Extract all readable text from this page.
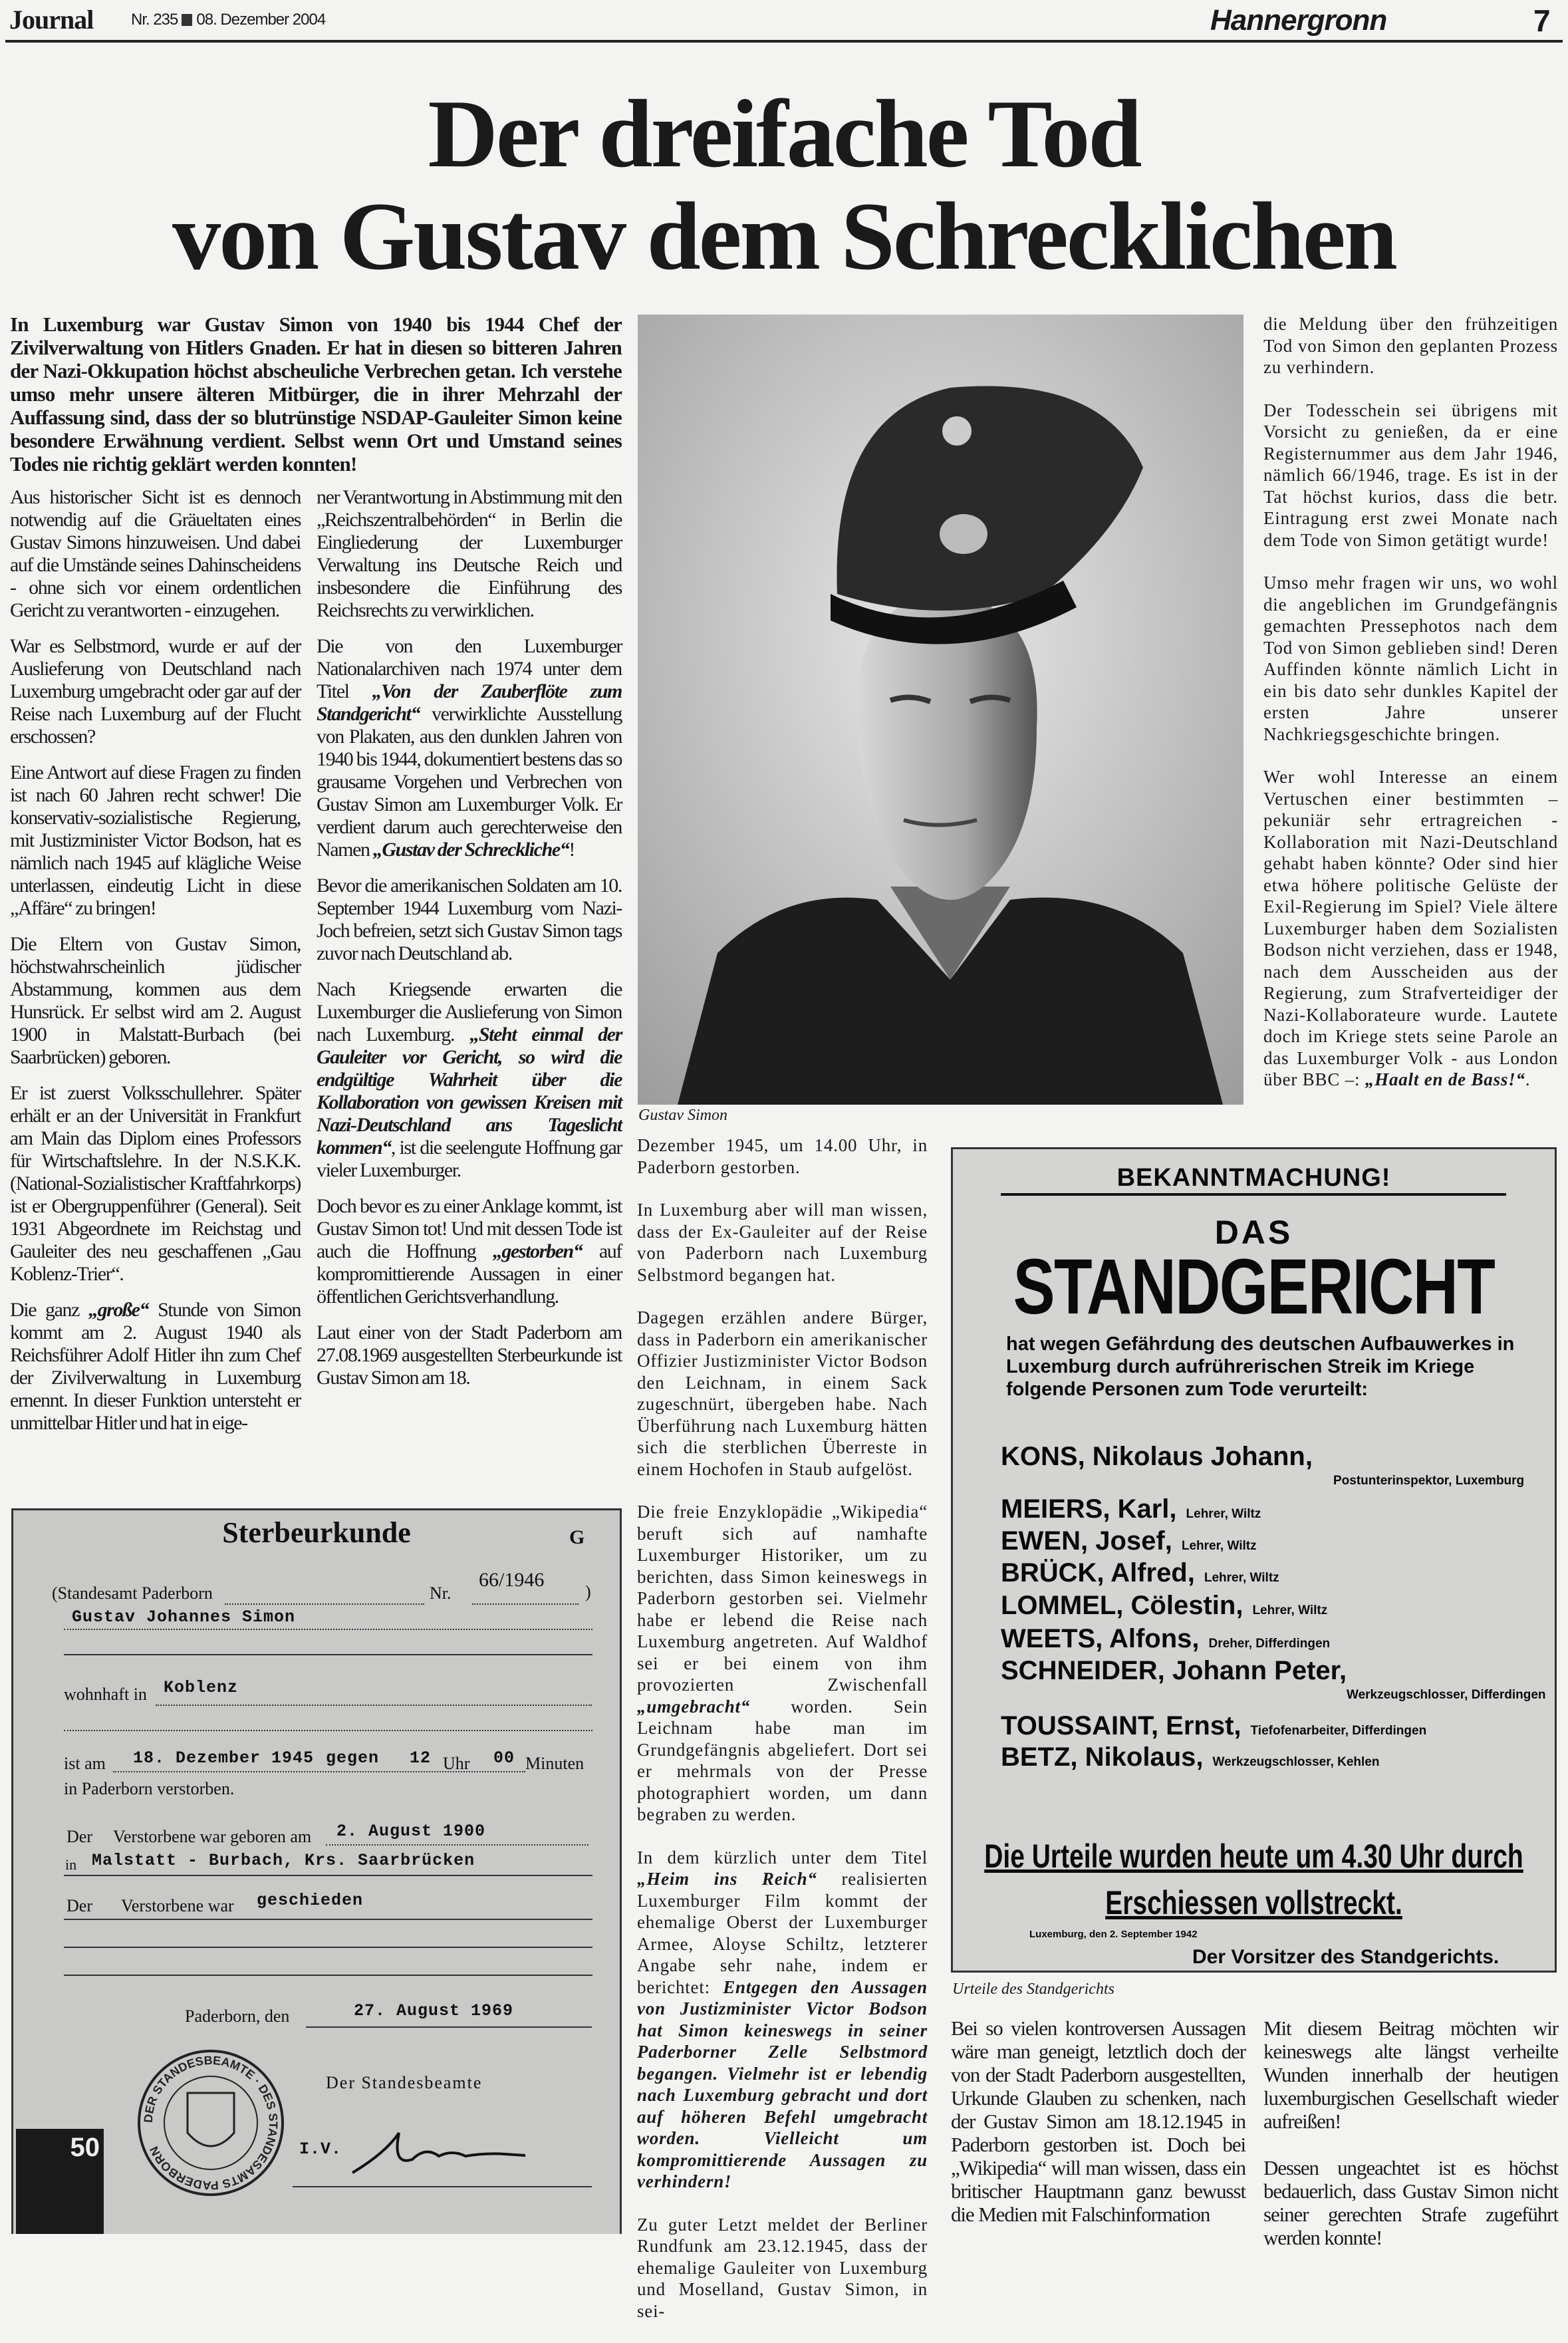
Journal Nr. 235 08. Dezember 2004	Hannergronn	7
Der dreifache Tod
von Gustav dem Schrecklichen
In Luxemburg war Gustav Simon von 1940 bis 1944 Chef der Zivilverwaltung von Hitlers Gnaden. Er hat in diesen so bitteren Jahren der Nazi-Okkupation höchst abscheuliche Verbrechen getan. Ich verstehe umso mehr unsere älteren Mitbürger, die in ihrer Mehrzahl der Auffassung sind, dass der so blutrünstige NSDAP-Gauleiter Simon keine besondere Erwähnung verdient. Selbst wenn Ort und Umstand seines Todes nie richtig geklärt werden konnten!

Aus historischer Sicht ist es dennoch notwendig auf die Gräueltaten eines Gustav Simons hinzuweisen. Und dabei auf die Umstände seines Dahinscheidens - ohne sich vor einem ordentlichen Gericht zu verantworten - einzugehen.

War es Selbstmord, wurde er auf der Auslieferung von Deutschland nach Luxemburg umgebracht oder gar auf der Reise nach Luxemburg auf der Flucht erschossen?

Eine Antwort auf diese Fragen zu finden ist nach 60 Jahren recht schwer! Die konservativ-sozialistische Regierung, mit Justizminister Victor Bodson, hat es nämlich nach 1945 auf klägliche Weise unterlassen, eindeutig Licht in diese „Affäre“ zu bringen!

Die Eltern von Gustav Simon, höchstwahrscheinlich jüdischer Abstammung, kommen aus dem Hunsrück. Er selbst wird am 2. August 1900 in Malstatt-Burbach (bei Saarbrücken) geboren.

Er ist zuerst Volksschullehrer. Später erhält er an der Universität in Frankfurt am Main das Diplom eines Professors für Wirtschaftslehre. In der N.S.K.K. (National-Sozialistischer Kraftfahrkorps) ist er Obergruppenführer (General). Seit 1931 Abgeordnete im Reichstag und Gauleiter des neu geschaffenen „Gau Koblenz-Trier“.

Die ganz „große“ Stunde von Simon kommt am 2. August 1940 als Reichsführer Adolf Hitler ihn zum Chef der Zivilverwaltung in Luxemburg ernennt. In dieser Funktion untersteht er unmittelbar Hitler und hat in eige-

ner Verantwortung in Abstimmung mit den „Reichszentralbehörden“ in Berlin die Eingliederung der Luxemburger Verwaltung ins Deutsche Reich und insbesondere die Einführung des Reichsrechts zu verwirklichen.

Die von den Luxemburger Nationalarchiven nach 1974 unter dem Titel „Von der Zauberflöte zum Standgericht“ verwirklichte Ausstellung von Plakaten, aus den dunklen Jahren von 1940 bis 1944, dokumentiert bestens das so grausame Vorgehen und Verbrechen von Gustav Simon am Luxemburger Volk. Er verdient darum auch gerechterweise den Namen „Gustav der Schreckliche“!

Bevor die amerikanischen Soldaten am 10. September 1944 Luxemburg vom Nazi-Joch befreien, setzt sich Gustav Simon tags zuvor nach Deutschland ab.

Nach Kriegsende erwarten die Luxemburger die Auslieferung von Simon nach Luxemburg. „Steht einmal der Gauleiter vor Gericht, so wird die endgültige Wahrheit über die Kollaboration von gewissen Kreisen mit Nazi-Deutschland ans Tageslicht kommen“, ist die seelengute Hoffnung gar vieler Luxemburger.

Doch bevor es zu einer Anklage kommt, ist Gustav Simon tot! Und mit dessen Tode ist auch die Hoffnung „gestorben“ auf kompromittierende Aussagen in einer öffentlichen Gerichtsverhandlung.

Laut einer von der Stadt Paderborn am 27.08.1969 ausgestellten Sterbeurkunde ist Gustav Simon am 18.

Dezember 1945, um 14.00 Uhr, in Paderborn gestorben.

In Luxemburg aber will man wissen, dass der Ex-Gauleiter auf der Reise von Paderborn nach Luxemburg Selbstmord begangen hat.

Dagegen erzählen andere Bürger, dass in Paderborn ein amerikanischer Offizier Justizminister Victor Bodson den Leichnam, in einem Sack zugeschnürt, übergeben habe. Nach Überführung nach Luxemburg hätten sich die sterblichen Überreste in einem Hochofen in Staub aufgelöst.

Die freie Enzyklopädie „Wikipedia“ beruft sich auf namhafte Luxemburger Historiker, um zu berichten, dass Simon keineswegs in Paderborn gestorben sei. Vielmehr habe er lebend die Reise nach Luxemburg angetreten. Auf Waldhof sei er bei einem von ihm provozierten Zwischenfall „umgebracht“ worden. Sein Leichnam habe man im Grundgefängnis abgeliefert. Dort sei er mehrmals von der Presse photographiert worden, um dann begraben zu werden.

In dem kürzlich unter dem Titel „Heim ins Reich“ realisierten Luxemburger Film kommt der ehemalige Oberst der Luxemburger Armee, Aloyse Schiltz, letzterer Angabe sehr nahe, indem er berichtet: Entgegen den Aussagen von Justizminister Victor Bodson hat Simon keineswegs in seiner Paderborner Zelle Selbstmord begangen. Vielmehr ist er lebendig nach Luxemburg gebracht und dort auf höheren Befehl umgebracht worden. Vielleicht um kompromittierende Aussagen zu verhindern!

Zu guter Letzt meldet der Berliner Rundfunk am 23.12.1945, dass der ehemalige Gauleiter von Luxemburg und Moselland, Gustav Simon, in sei-

die Meldung über den frühzeitigen Tod von Simon den geplanten Prozess zu verhindern.

Der Todesschein sei übrigens mit Vorsicht zu genießen, da er eine Registernummer aus dem Jahr 1946, nämlich 66/1946, trage. Es ist in der Tat höchst kurios, dass die betr. Eintragung erst zwei Monate nach dem Tode von Simon getätigt wurde!

Umso mehr fragen wir uns, wo wohl die angeblichen im Grundgefängnis gemachten Pressephotos nach dem Tod von Simon geblieben sind! Deren Auffinden könnte nämlich Licht in ein bis dato sehr dunkles Kapitel der ersten Jahre unserer Nachkriegsgeschichte bringen.

Wer wohl Interesse an einem Vertuschen einer bestimmten – pekuniär sehr ertragreichen - Kollaboration mit Nazi-Deutschland gehabt haben könnte? Oder sind hier etwa höhere politische Gelüste der Exil-Regierung im Spiel? Viele ältere Luxemburger haben dem Sozialisten Bodson nicht verziehen, dass er 1948, nach dem Ausscheiden aus der Regierung, zum Strafverteidiger der Nazi-Kollaborateure wurde. Lautete doch im Kriege stets seine Parole an das Luxemburger Volk - aus London über BBC –: „Haalt en de Bass!“.

Bei so vielen kontroversen Aussagen wäre man geneigt, letztlich doch der von der Stadt Paderborn ausgestellten, Urkunde Glauben zu schenken, nach der Gustav Simon am 18.12.1945 in Paderborn gestorben ist. Doch bei „Wikipedia“ will man wissen, dass ein britischer Hauptmann ganz bewusst die Medien mit Falschinformation

Mit diesem Beitrag möchten wir keineswegs alte längst verheilte Wunden innerhalb der heutigen luxemburgischen Gesellschaft wieder aufreißen!

Dessen ungeachtet ist es höchst bedauerlich, dass Gustav Simon nicht seiner gerechten Strafe zugeführt werden konnte!

Gustav Simon
Sterbeurkunde	G
(Standesamt Paderborn	Nr.
66/1946
)
Gustav Johannes Simon
wohnhaft in Koblenz
ist am 18. Dezember 1945 gegen 12 Uhr 00 Minuten
in Paderborn verstorben.
Der Verstorbene war geboren am 2. August 1900
in Malstatt - Burbach, Krs. Saarbrücken
Der Verstorbene war geschieden
Paderborn, den	27. August 1969
Der Standesbeamte
I.V.
DER STANDESBEAMTE · DES STANDESAMTS PADERBORN
50
BEKANNTMACHUNG!
DAS
STANDGERICHT
hat wegen Gefährdung des deutschen Aufbauwerkes in Luxemburg durch aufrührerischen Streik im Kriege folgende Personen zum Tode verurteilt:
KONS, Nikolaus Johann,
Postunterinspektor, Luxemburg
MEIERS, Karl, Lehrer, Wiltz
EWEN, Josef, Lehrer, Wiltz
BRÜCK, Alfred, Lehrer, Wiltz
LOMMEL, Cölestin, Lehrer, Wiltz
WEETS, Alfons, Dreher, Differdingen
SCHNEIDER, Johann Peter,
Werkzeugschlosser, Differdingen
TOUSSAINT, Ernst, Tiefofenarbeiter, Differdingen
BETZ, Nikolaus, Werkzeugschlosser, Kehlen
Die Urteile wurden heute um 4.30 Uhr durch Erschiessen vollstreckt.
Luxemburg, den 2. September 1942
Der Vorsitzer des Standgerichts.
Urteile des Standgerichts
